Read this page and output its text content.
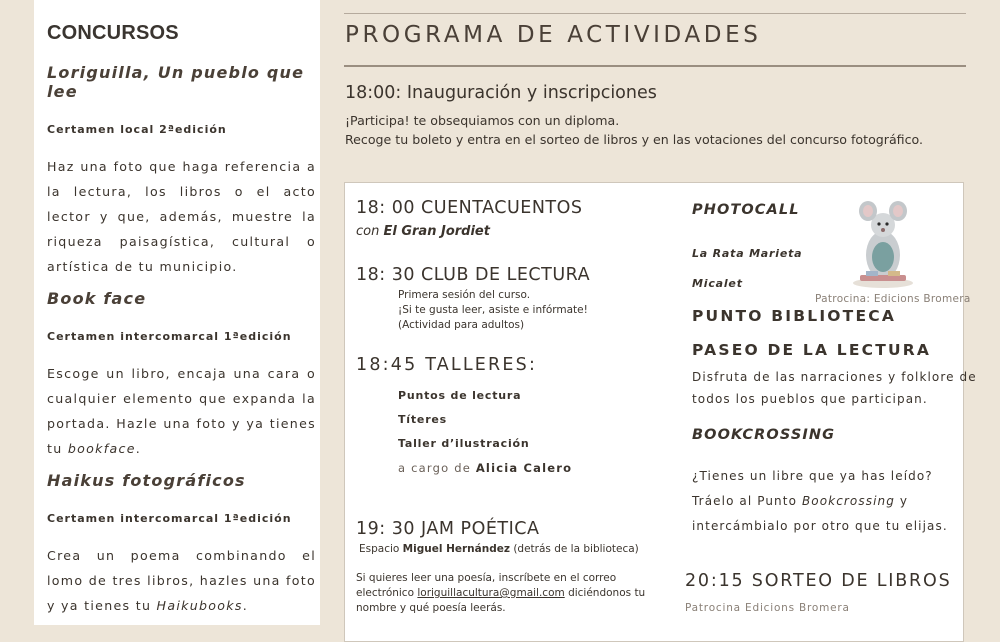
CONCURSOS
Loriguilla, Un pueblo que lee
Certamen local 2ªedición
Haz una foto que haga referencia a la lectura, los libros o el acto lector y que, además, muestre la riqueza paisagística, cultural o artística de tu municipio.
Book face
Certamen intercomarcal 1ªedición
Escoge un libro, encaja una cara o cualquier elemento que expanda la portada. Hazle una foto y ya tienes tu bookface.
Haikus fotográficos
Certamen intercomarcal 1ªedición
Crea un poema combinando el lomo de tres libros, hazles una foto y ya tienes tu Haikubooks.
PROGRAMA DE ACTIVIDADES
18:00: Inauguración y inscripciones
¡Participa! te obsequiamos con un diploma.
Recoge tu boleto y entra en el sorteo de libros y en las votaciones del concurso fotográfico.
18: 00 CUENTACUENTOS
con El Gran Jordiet
18: 30 CLUB DE LECTURA
Primera sesión del curso.
¡Si te gusta leer, asiste e infórmate!
(Actividad para adultos)
18:45 TALLERES:
Puntos de lectura
Títeres
Taller d’ilustración
a cargo de Alicia Calero
19: 30 JAM POÉTICA
Espacio Miguel Hernández (detrás de la biblioteca)
Si quieres leer una poesía, inscríbete en el correo
electrónico loriguillacultura@gmail.com diciéndonos tu
nombre y qué poesía leerás.
PHOTOCALL
La Rata Marieta
Micalet
Patrocina: Edicions Bromera
PUNTO BIBLIOTECA
PASEO DE LA LECTURA
Disfruta de las narraciones y folklore de
todos los pueblos que participan.
BOOKCROSSING
¿Tienes un libre que ya has leído?
Tráelo al Punto Bookcrossing y
intercámbialo por otro que tu elijas.
20:15 SORTEO DE LIBROS
Patrocina Edicions Bromera
